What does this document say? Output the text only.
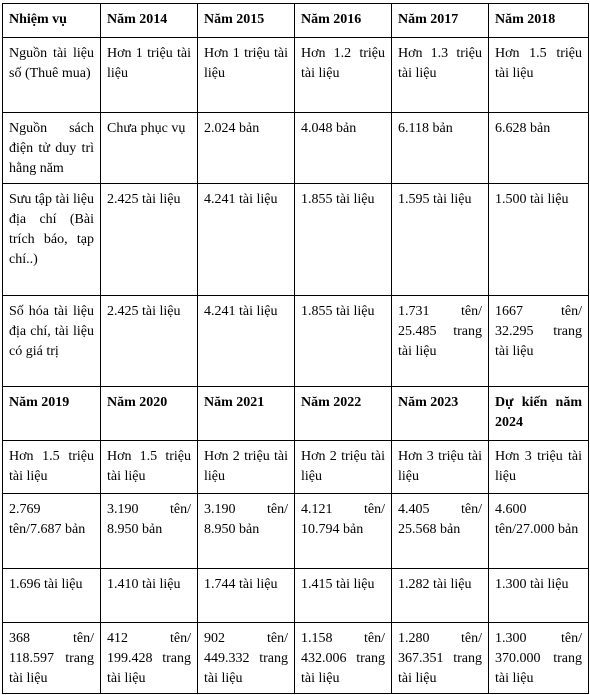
Nhiệm vụ	Năm 2014	Năm 2015	Năm 2016	Năm 2017	Năm 2018
Nguồn tài liệu số (Thuê mua)	Hơn 1 triệu tài liệu	Hơn 1 triệu tài liệu	Hơn 1.2 triệu tài liệu	Hơn 1.3 triệu tài liệu	Hơn 1.5 triệu tài liệu
Nguồn sách điện tử duy trì hằng năm	Chưa phục vụ	2.024 bản	4.048 bản	6.118 bản	6.628 bản
Sưu tập tài liệu địa chí (Bài trích báo, tạp chí..)	2.425 tài liệu	4.241 tài liệu	1.855 tài liệu	1.595 tài liệu	1.500 tài liệu
Số hóa tài liệu địa chí, tài liệu có giá trị	2.425 tài liệu	4.241 tài liệu	1.855 tài liệu	1.731 tên/ 25.485 trang tài liệu	1667 tên/ 32.295 trang tài liệu
Năm 2019	Năm 2020	Năm 2021	Năm 2022	Năm 2023	Dự kiến năm 2024
Hơn 1.5 triệu tài liệu	Hơn 1.5 triệu tài liệu	Hơn 2 triệu tài liệu	Hơn 2 triệu tài liệu	Hơn 3 triệu tài liệu	Hơn 3 triệu tài liệu
2.769 tên/7.687 bản	3.190 tên/ 8.950 bản	3.190 tên/ 8.950 bản	4.121 tên/ 10.794 bản	4.405 tên/ 25.568 bản	4.600 tên/27.000 bản
1.696 tài liệu	1.410 tài liệu	1.744 tài liệu	1.415 tài liệu	1.282 tài liệu	1.300 tài liệu
368 tên/ 118.597 trang tài liệu	412 tên/ 199.428 trang tài liệu	902 tên/ 449.332 trang tài liệu	1.158 tên/ 432.006 trang tài liệu	1.280 tên/ 367.351 trang tài liệu	1.300 tên/ 370.000 trang tài liệu
